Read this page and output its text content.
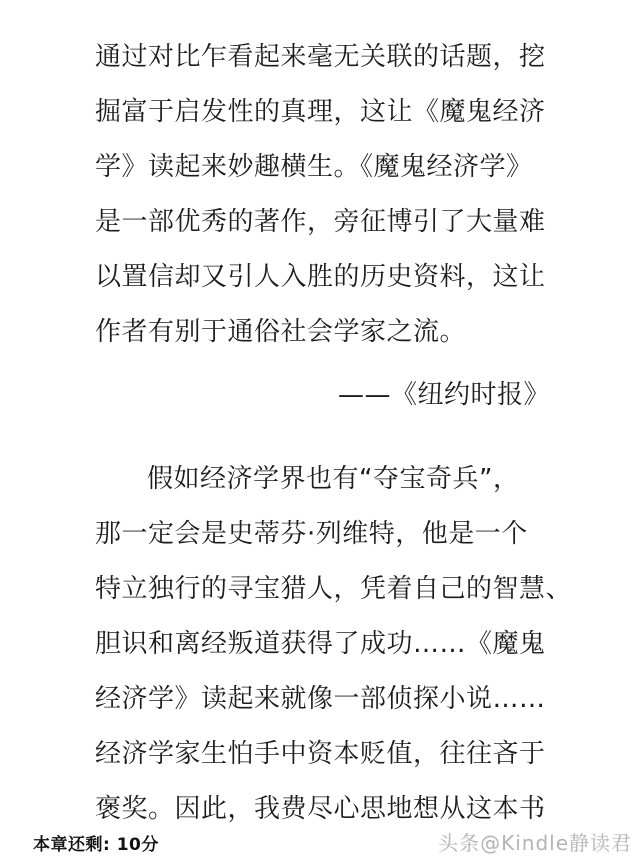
通过对比乍看起来毫无关联的话题，挖
掘富于启发性的真理，这让《魔鬼经济
学》读起来妙趣横生。《魔鬼经济学》
是一部优秀的著作，旁征博引了大量难
以置信却又引人入胜的历史资料，这让
作者有别于通俗社会学家之流。
——《纽约时报》
假如经济学界也有“夺宝奇兵”，
那一定会是史蒂芬·列维特，他是一个
特立独行的寻宝猎人，凭着自己的智慧、
胆识和离经叛道获得了成功……《魔鬼
经济学》读起来就像一部侦探小说……
经济学家生怕手中资本贬值，往往吝于
褒奖。因此，我费尽心思地想从这本书
本章还剩: 10分	头条@Kindle静读君
